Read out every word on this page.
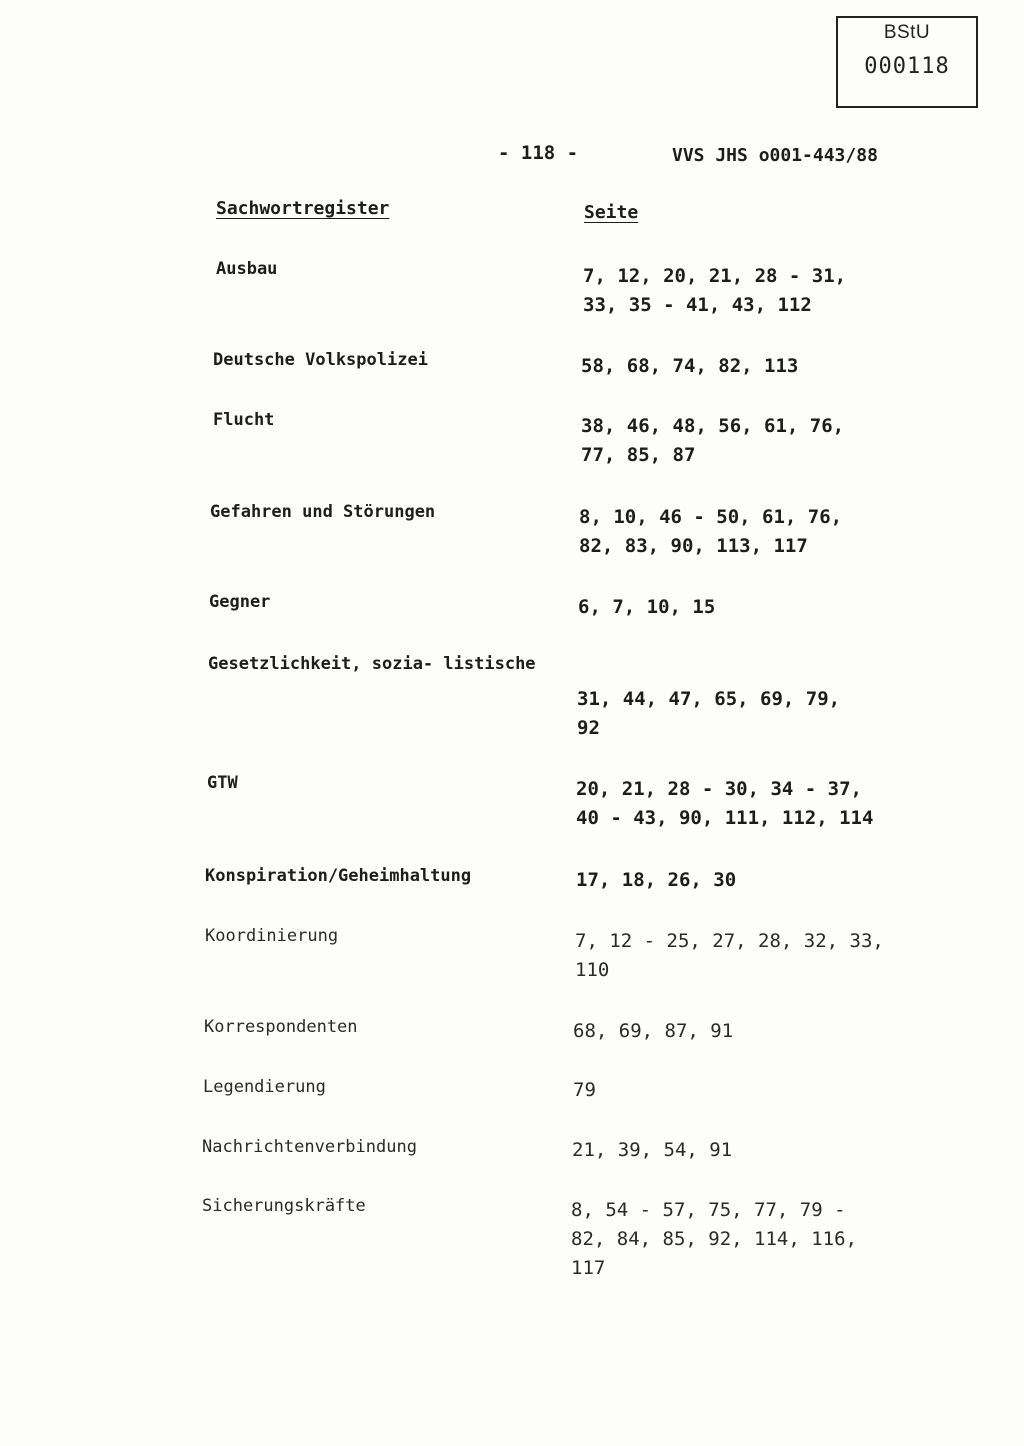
BStU
000118
- 118 -	VVS JHS o001-443/88
Sachwortregister	Seite
Ausbau	7, 12, 20, 21, 28 - 31,
33, 35 - 41, 43, 112
Deutsche Volkspolizei	58, 68, 74, 82, 113
Flucht	38, 46, 48, 56, 61, 76,
77, 85, 87
Gefahren und Störungen	8, 10, 46 - 50, 61, 76,
82, 83, 90, 113, 117
Gegner	6, 7, 10, 15
Gesetzlichkeit, sozia- listische
31, 44, 47, 65, 69, 79,
92
GTW	20, 21, 28 - 30, 34 - 37,
40 - 43, 90, 111, 112, 114
Konspiration/Geheimhaltung	17, 18, 26, 30
Koordinierung	7, 12 - 25, 27, 28, 32, 33,
110
Korrespondenten	68, 69, 87, 91
Legendierung	79
Nachrichtenverbindung	21, 39, 54, 91
Sicherungskräfte	8, 54 - 57, 75, 77, 79 -
82, 84, 85, 92, 114, 116,
117
